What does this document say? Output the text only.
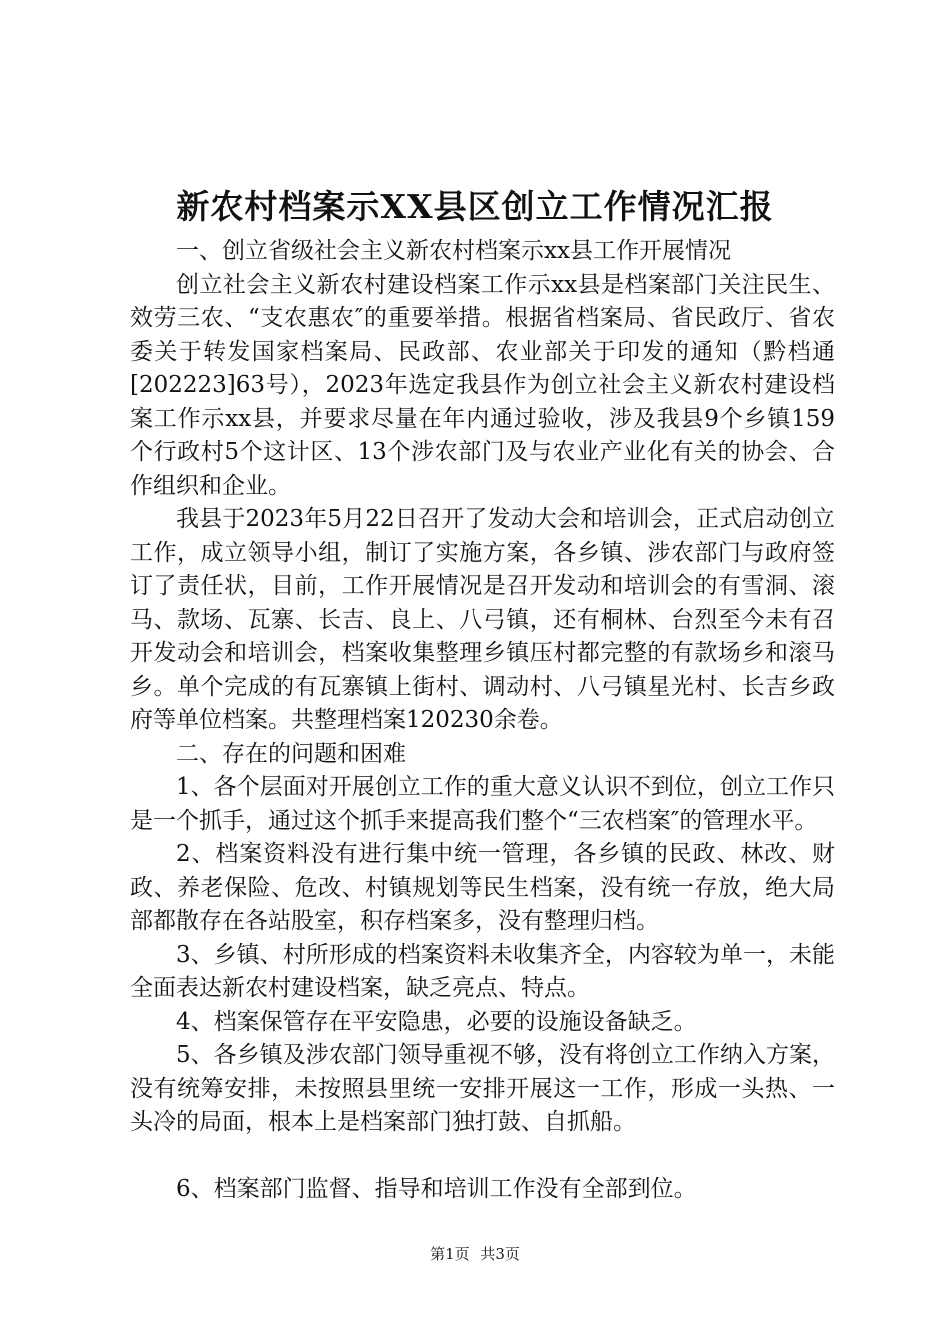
新农村档案示XX县区创立工作情况汇报

一、创立省级社会主义新农村档案示xx县工作开展情况

创立社会主义新农村建设档案工作示xx县是档案部门关注民生、效劳三农、“支农惠农″的重要举措。根据省档案局、省民政厅、省农委关于转发国家档案局、民政部、农业部关于印发的通知（黔档通[202223]63号），2023年选定我县作为创立社会主义新农村建设档案工作示xx县，并要求尽量在年内通过验收，涉及我县9个乡镇159个行政村5个这计区、13个涉农部门及与农业产业化有关的协会、合作组织和企业。

我县于2023年5月22日召开了发动大会和培训会，正式启动创立工作，成立领导小组，制订了实施方案，各乡镇、涉农部门与政府签订了责任状，目前，工作开展情况是召开发动和培训会的有雪洞、滚马、款场、瓦寨、长吉、良上、八弓镇，还有桐林、台烈至今未有召开发动会和培训会，档案收集整理乡镇压村都完整的有款场乡和滚马乡。单个完成的有瓦寨镇上街村、调动村、八弓镇星光村、长吉乡政府等单位档案。共整理档案120230余卷。

二、存在的问题和困难

1、各个层面对开展创立工作的重大意义认识不到位，创立工作只是一个抓手，通过这个抓手来提高我们整个“三农档案″的管理水平。

2、档案资料没有进行集中统一管理，各乡镇的民政、林改、财政、养老保险、危改、村镇规划等民生档案，没有统一存放，绝大局部都散存在各站股室，积存档案多，没有整理归档。

3、乡镇、村所形成的档案资料未收集齐全，内容较为单一，未能全面表达新农村建设档案，缺乏亮点、特点。

4、档案保管存在平安隐患，必要的设施设备缺乏。

5、各乡镇及涉农部门领导重视不够，没有将创立工作纳入方案，没有统筹安排，未按照县里统一安排开展这一工作，形成一头热、一头冷的局面，根本上是档案部门独打鼓、自抓船。

6、档案部门监督、指导和培训工作没有全部到位。

第1页 共3页
